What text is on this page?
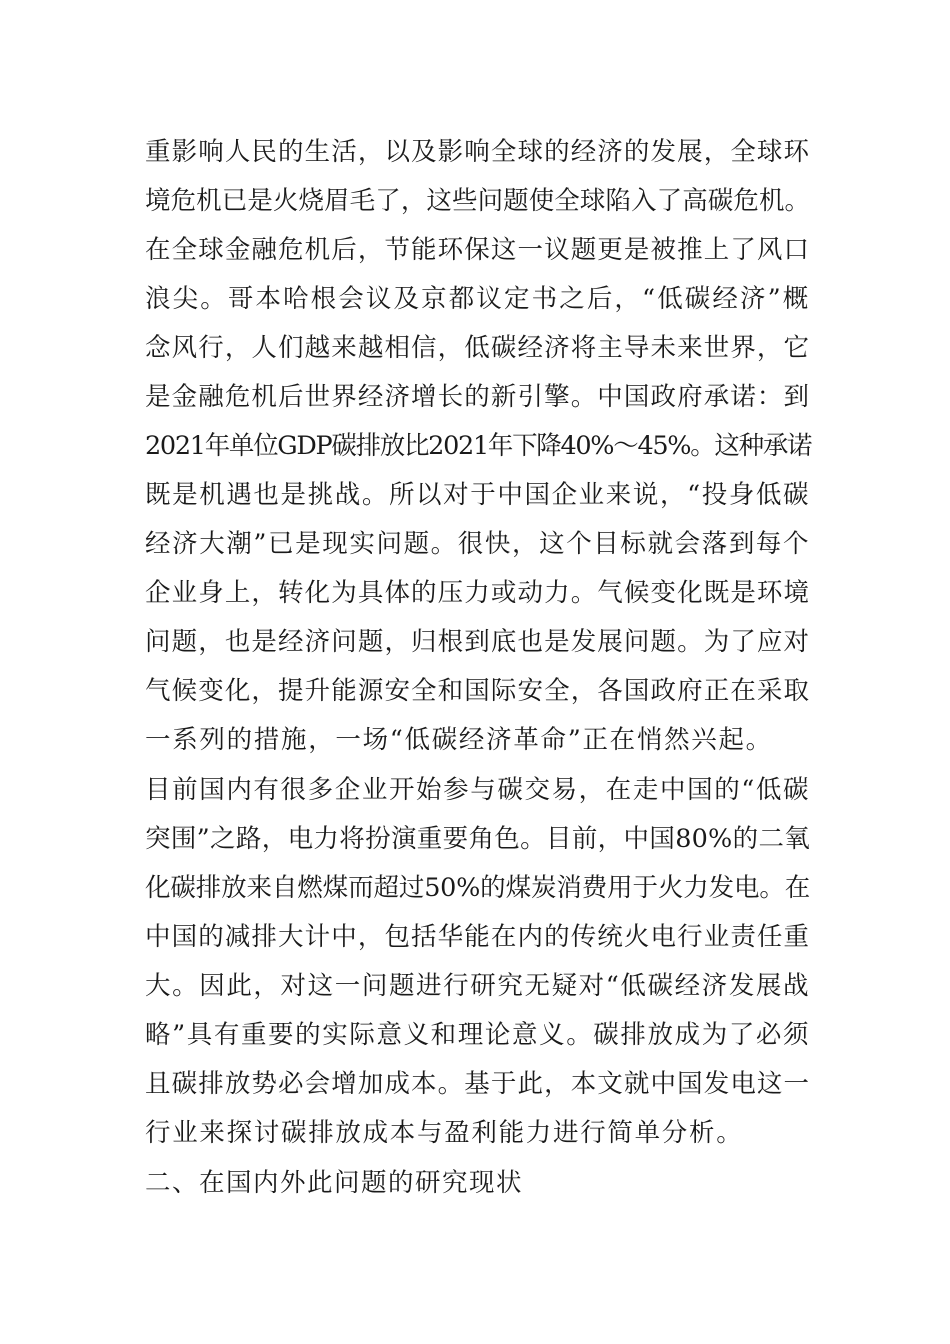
重影响人民的生活，以及影响全球的经济的发展，全球环
境危机已是火烧眉毛了，这些问题使全球陷入了高碳危机。
在全球金融危机后，节能环保这一议题更是被推上了风口
浪尖。哥本哈根会议及京都议定书之后，“低碳经济”概
念风行，人们越来越相信，低碳经济将主导未来世界，它
是金融危机后世界经济增长的新引擎。中国政府承诺：到
2021年单位GDP碳排放比2021年下降40%～45%。这种承诺
既是机遇也是挑战。所以对于中国企业来说，“投身低碳
经济大潮”已是现实问题。很快，这个目标就会落到每个
企业身上，转化为具体的压力或动力。气候变化既是环境
问题，也是经济问题，归根到底也是发展问题。为了应对
气候变化，提升能源安全和国际安全，各国政府正在采取
一系列的措施，一场“低碳经济革命”正在悄然兴起。
目前国内有很多企业开始参与碳交易，在走中国的“低碳
突围”之路，电力将扮演重要角色。目前，中国80%的二氧
化碳排放来自燃煤而超过50%的煤炭消费用于火力发电。在
中国的减排大计中，包括华能在内的传统火电行业责任重
大。因此，对这一问题进行研究无疑对“低碳经济发展战
略”具有重要的实际意义和理论意义。碳排放成为了必须
且碳排放势必会增加成本。基于此，本文就中国发电这一
行业来探讨碳排放成本与盈利能力进行简单分析。
二、在国内外此问题的研究现状
